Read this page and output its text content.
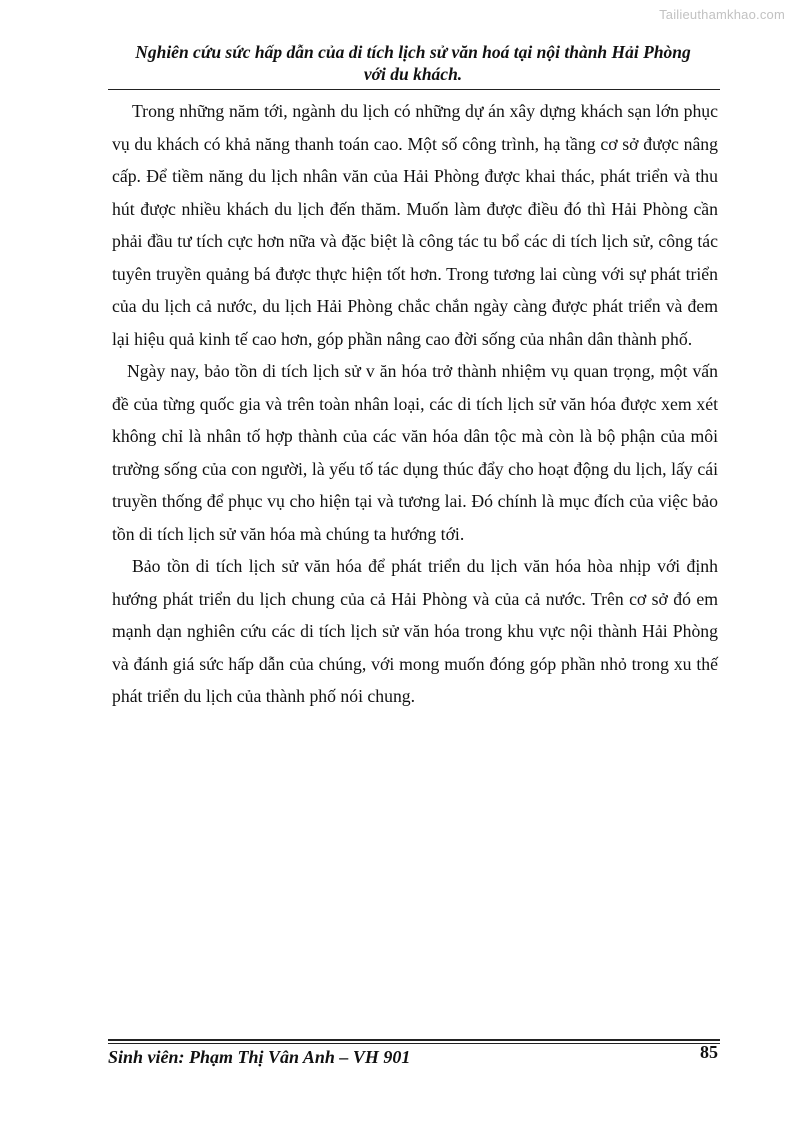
Tailieuthamkhao.com
Nghiên cứu sức hấp dẫn của di tích lịch sử văn hoá tại nội thành Hải Phòng
với du khách.

Trong những năm tới, ngành du lịch có những dự án xây dựng khách sạn lớn phục vụ du khách có khả năng thanh toán cao. Một số công trình, hạ tầng cơ sở được nâng cấp. Để tiềm năng du lịch nhân văn của Hải Phòng được khai thác, phát triển và thu hút được nhiều khách du lịch đến thăm. Muốn làm được điều đó thì Hải Phòng cần phải đầu tư tích cực hơn nữa và đặc biệt là công tác tu bổ các di tích lịch sử, công tác tuyên truyền quảng bá được thực hiện tốt hơn. Trong tương lai cùng với sự phát triển của du lịch cả nước, du lịch Hải Phòng chắc chắn ngày càng được phát triển và đem lại hiệu quả kinh tế cao hơn, góp phần nâng cao đời sống của nhân dân thành phố.

Ngày nay, bảo tồn di tích lịch sử v ăn hóa trở thành nhiệm vụ quan trọng, một vấn đề của từng quốc gia và trên toàn nhân loại, các di tích lịch sử văn hóa được xem xét không chỉ là nhân tố hợp thành của các văn hóa dân tộc mà còn là bộ phận của môi trường sống của con người, là yếu tố tác dụng thúc đẩy cho hoạt động du lịch, lấy cái truyền thống để phục vụ cho hiện tại và tương lai. Đó chính là mục đích của việc bảo tồn di tích lịch sử văn hóa mà chúng ta hướng tới.

Bảo tồn di tích lịch sử văn hóa để phát triển du lịch văn hóa hòa nhịp với định hướng phát triển du lịch chung của cả Hải Phòng và của cả nước. Trên cơ sở đó em mạnh dạn nghiên cứu các di tích lịch sử văn hóa trong khu vực nội thành Hải Phòng và đánh giá sức hấp dẫn của chúng, với mong muốn đóng góp phần nhỏ trong xu thế phát triển du lịch của thành phố nói chung.

Sinh viên: Phạm Thị Vân Anh – VH 901	85
